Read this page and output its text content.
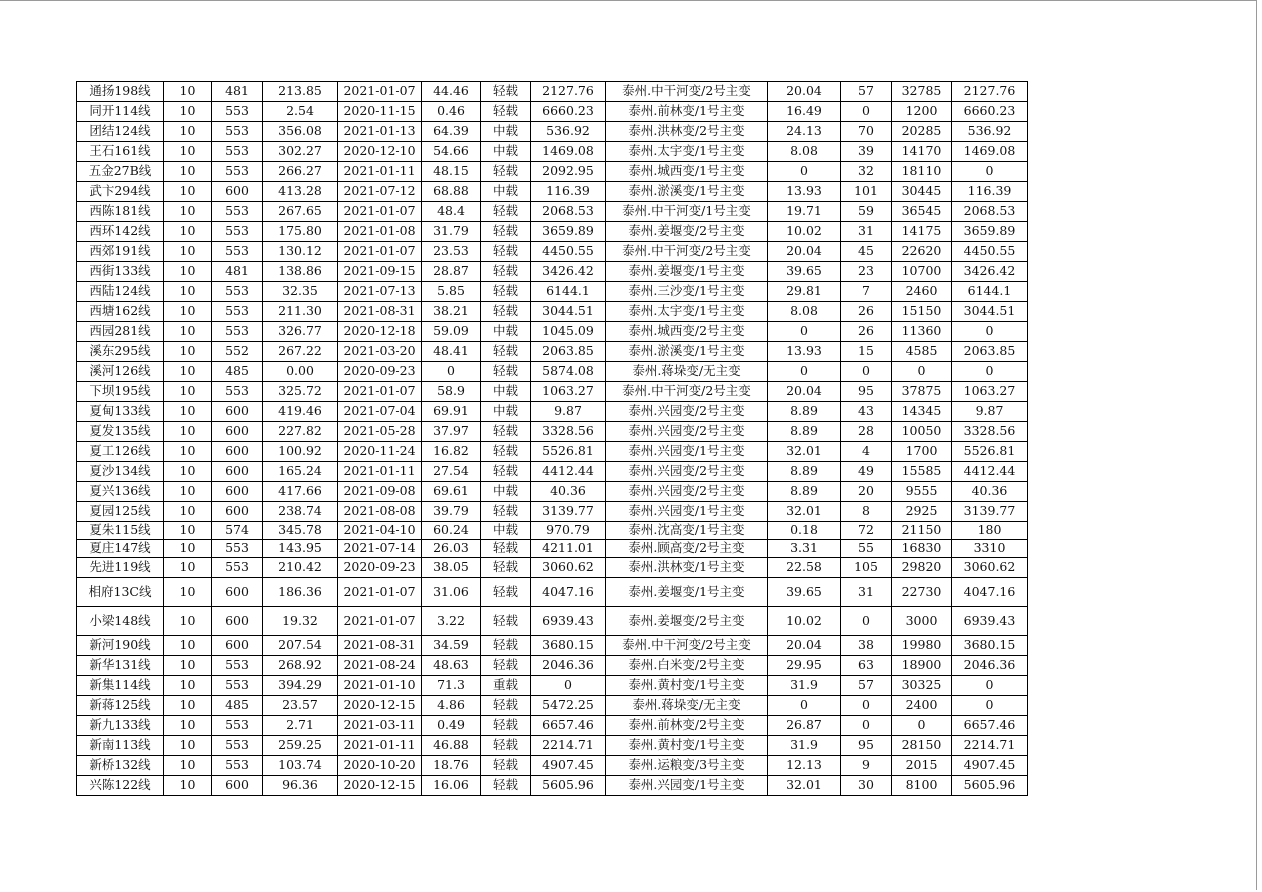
通扬198线	10	481	213.85	2021-01-07	44.46	轻载	2127.76	泰州.中干河变/2号主变	20.04	57	32785	2127.76
同开114线	10	553	2.54	2020-11-15	0.46	轻载	6660.23	泰州.前林变/1号主变	16.49	0	1200	6660.23
团结124线	10	553	356.08	2021-01-13	64.39	中载	536.92	泰州.洪林变/2号主变	24.13	70	20285	536.92
王石161线	10	553	302.27	2020-12-10	54.66	中载	1469.08	泰州.太宇变/1号主变	8.08	39	14170	1469.08
五金27B线	10	553	266.27	2021-01-11	48.15	轻载	2092.95	泰州.城西变/1号主变	0	32	18110	0
武卞294线	10	600	413.28	2021-07-12	68.88	中载	116.39	泰州.淤溪变/1号主变	13.93	101	30445	116.39
西陈181线	10	553	267.65	2021-01-07	48.4	轻载	2068.53	泰州.中干河变/1号主变	19.71	59	36545	2068.53
西环142线	10	553	175.80	2021-01-08	31.79	轻载	3659.89	泰州.姜堰变/2号主变	10.02	31	14175	3659.89
西郊191线	10	553	130.12	2021-01-07	23.53	轻载	4450.55	泰州.中干河变/2号主变	20.04	45	22620	4450.55
西街133线	10	481	138.86	2021-09-15	28.87	轻载	3426.42	泰州.姜堰变/1号主变	39.65	23	10700	3426.42
西陆124线	10	553	32.35	2021-07-13	5.85	轻载	6144.1	泰州.三沙变/1号主变	29.81	7	2460	6144.1
西塘162线	10	553	211.30	2021-08-31	38.21	轻载	3044.51	泰州.太宇变/1号主变	8.08	26	15150	3044.51
西园281线	10	553	326.77	2020-12-18	59.09	中载	1045.09	泰州.城西变/2号主变	0	26	11360	0
溪东295线	10	552	267.22	2021-03-20	48.41	轻载	2063.85	泰州.淤溪变/1号主变	13.93	15	4585	2063.85
溪河126线	10	485	0.00	2020-09-23	0	轻载	5874.08	泰州.蒋垛变/无主变	0	0	0	0
下坝195线	10	553	325.72	2021-01-07	58.9	中载	1063.27	泰州.中干河变/2号主变	20.04	95	37875	1063.27
夏甸133线	10	600	419.46	2021-07-04	69.91	中载	9.87	泰州.兴园变/2号主变	8.89	43	14345	9.87
夏发135线	10	600	227.82	2021-05-28	37.97	轻载	3328.56	泰州.兴园变/2号主变	8.89	28	10050	3328.56
夏工126线	10	600	100.92	2020-11-24	16.82	轻载	5526.81	泰州.兴园变/1号主变	32.01	4	1700	5526.81
夏沙134线	10	600	165.24	2021-01-11	27.54	轻载	4412.44	泰州.兴园变/2号主变	8.89	49	15585	4412.44
夏兴136线	10	600	417.66	2021-09-08	69.61	中载	40.36	泰州.兴园变/2号主变	8.89	20	9555	40.36
夏园125线	10	600	238.74	2021-08-08	39.79	轻载	3139.77	泰州.兴园变/1号主变	32.01	8	2925	3139.77
夏朱115线	10	574	345.78	2021-04-10	60.24	中载	970.79	泰州.沈高变/1号主变	0.18	72	21150	180
夏庄147线	10	553	143.95	2021-07-14	26.03	轻载	4211.01	泰州.顾高变/2号主变	3.31	55	16830	3310
先进119线	10	553	210.42	2020-09-23	38.05	轻载	3060.62	泰州.洪林变/1号主变	22.58	105	29820	3060.62
相府13C线	10	600	186.36	2021-01-07	31.06	轻载	4047.16	泰州.姜堰变/1号主变	39.65	31	22730	4047.16
小梁148线	10	600	19.32	2021-01-07	3.22	轻载	6939.43	泰州.姜堰变/2号主变	10.02	0	3000	6939.43
新河190线	10	600	207.54	2021-08-31	34.59	轻载	3680.15	泰州.中干河变/2号主变	20.04	38	19980	3680.15
新华131线	10	553	268.92	2021-08-24	48.63	轻载	2046.36	泰州.白米变/2号主变	29.95	63	18900	2046.36
新集114线	10	553	394.29	2021-01-10	71.3	重载	0	泰州.黄村变/1号主变	31.9	57	30325	0
新蒋125线	10	485	23.57	2020-12-15	4.86	轻载	5472.25	泰州.蒋垛变/无主变	0	0	2400	0
新九133线	10	553	2.71	2021-03-11	0.49	轻载	6657.46	泰州.前林变/2号主变	26.87	0	0	6657.46
新南113线	10	553	259.25	2021-01-11	46.88	轻载	2214.71	泰州.黄村变/1号主变	31.9	95	28150	2214.71
新桥132线	10	553	103.74	2020-10-20	18.76	轻载	4907.45	泰州.运粮变/3号主变	12.13	9	2015	4907.45
兴陈122线	10	600	96.36	2020-12-15	16.06	轻载	5605.96	泰州.兴园变/1号主变	32.01	30	8100	5605.96
